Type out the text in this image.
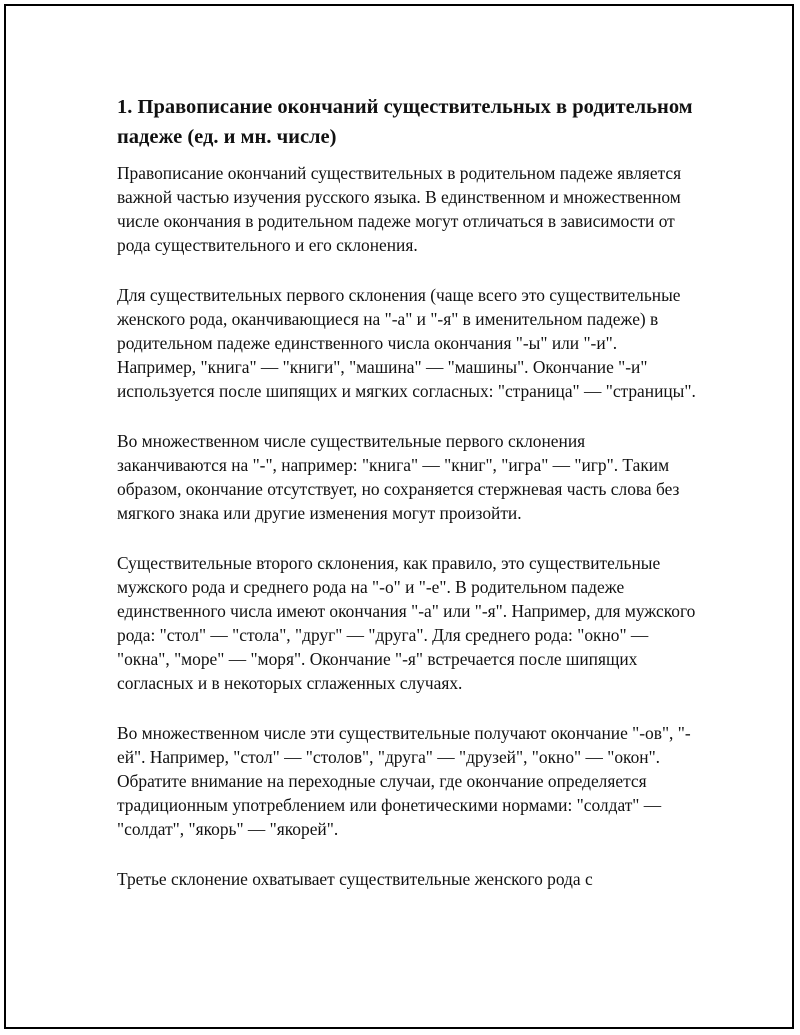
1. Правописание окончаний существительных в родительном падеже (ед. и мн. числе)

Правописание окончаний существительных в родительном падеже является важной частью изучения русского языка. В единственном и множественном числе окончания в родительном падеже могут отличаться в зависимости от рода существительного и его склонения.

Для существительных первого склонения (чаще всего это существительные женского рода, оканчивающиеся на "-а" и "-я" в именительном падеже) в родительном падеже единственного числа окончания "-ы" или "-и". Например, "книга" — "книги", "машина" — "машины". Окончание "-и" используется после шипящих и мягких согласных: "страница" — "страницы".

Во множественном числе существительные первого склонения заканчиваются на "-", например: "книга" — "книг", "игра" — "игр". Таким образом, окончание отсутствует, но сохраняется стержневая часть слова без мягкого знака или другие изменения могут произойти.

Существительные второго склонения, как правило, это существительные мужского рода и среднего рода на "-о" и "-е". В родительном падеже единственного числа имеют окончания "-а" или "-я". Например, для мужского рода: "стол" — "стола", "друг" — "друга". Для среднего рода: "окно" — "окна", "море" — "моря". Окончание "-я" встречается после шипящих согласных и в некоторых сглаженных случаях.

Во множественном числе эти существительные получают окончание "-ов", "-ей". Например, "стол" — "столов", "друга" — "друзей", "окно" — "окон". Обратите внимание на переходные случаи, где окончание определяется традиционным употреблением или фонетическими нормами: "солдат" — "солдат", "якорь" — "якорей".

Третье склонение охватывает существительные женского рода с
